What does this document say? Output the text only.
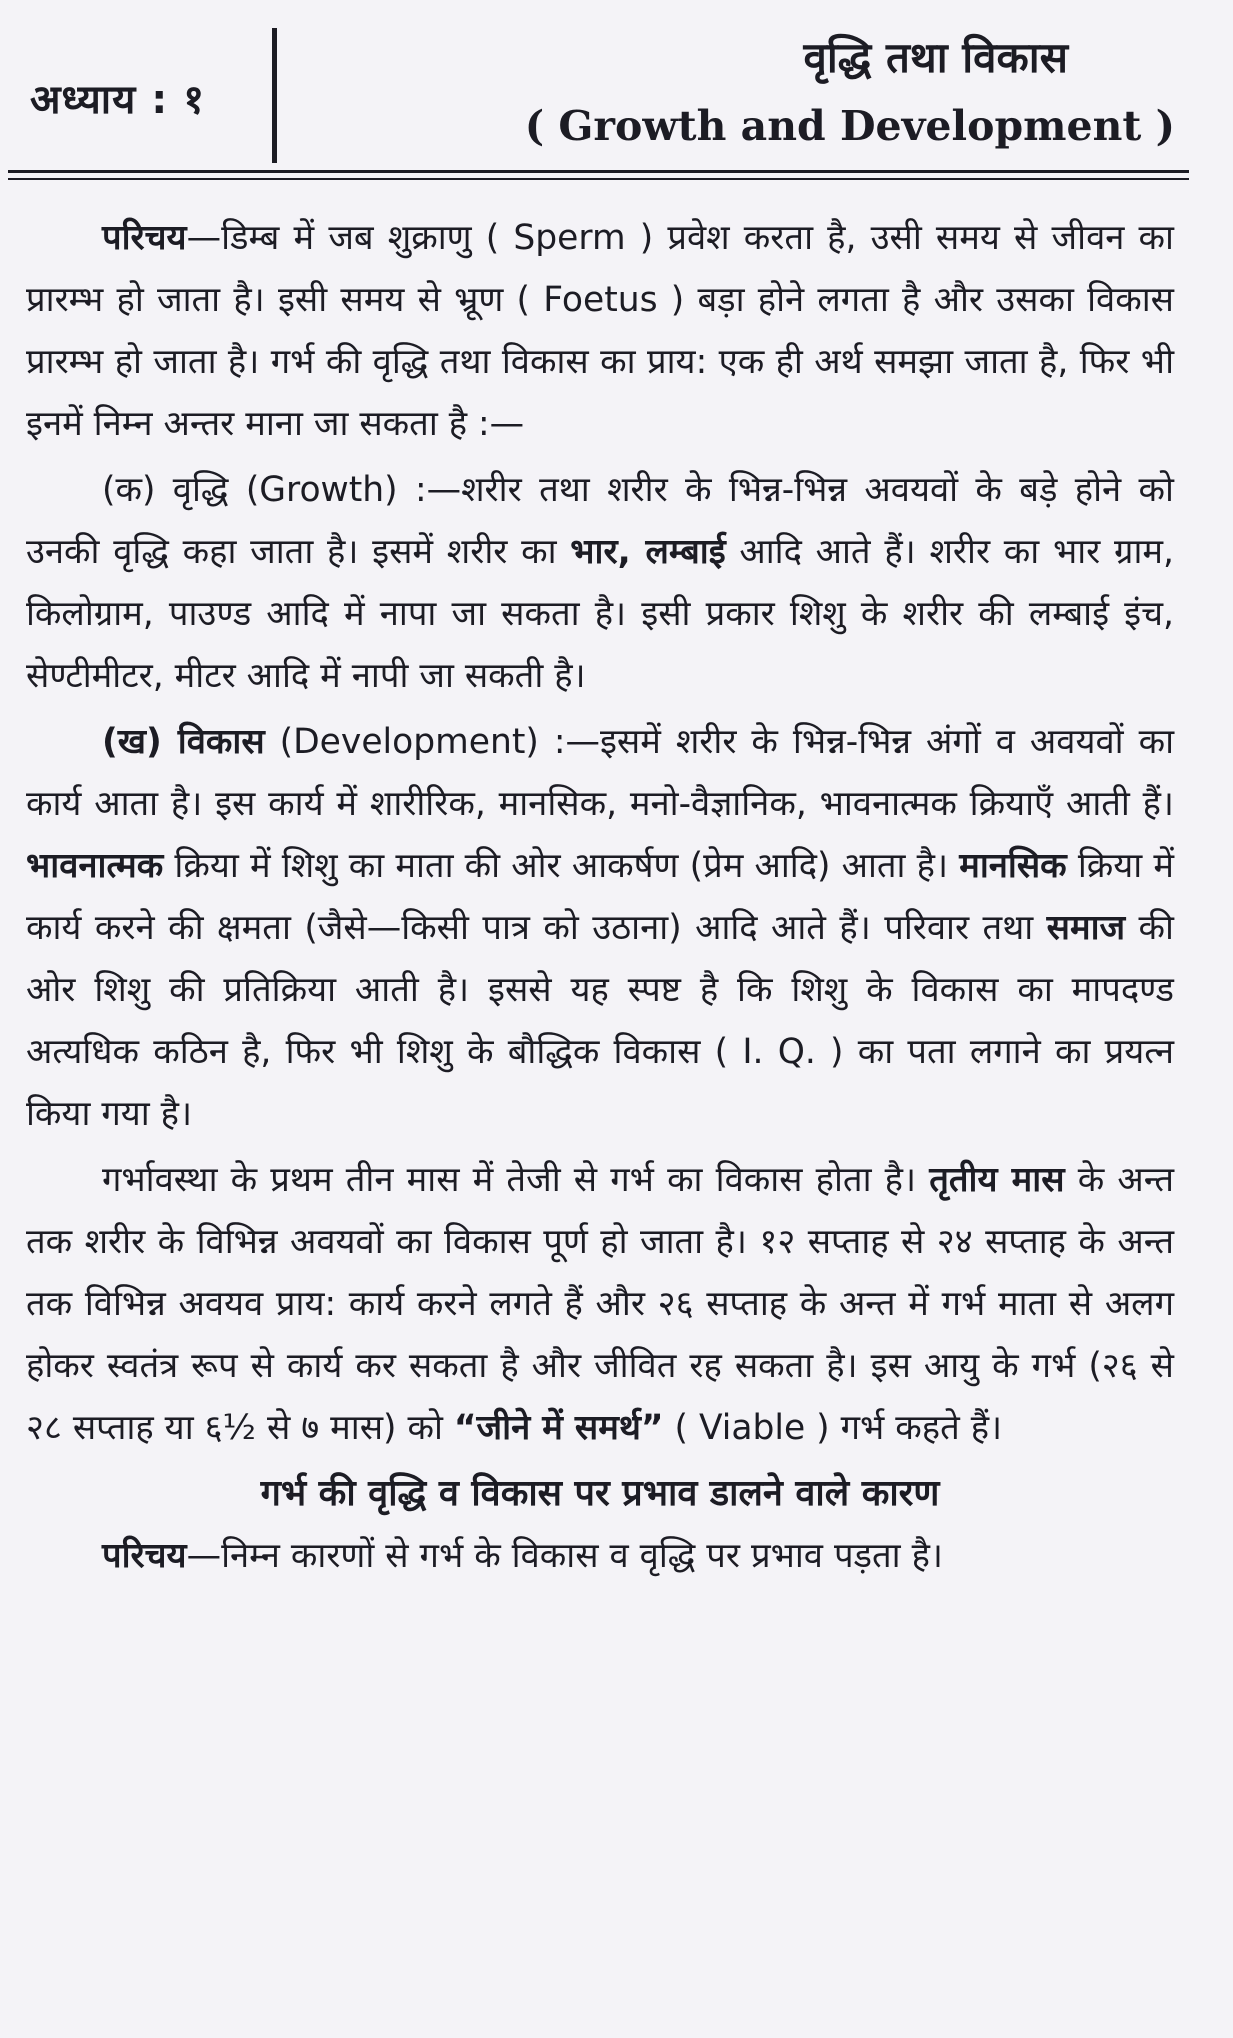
अध्याय : १
वृद्धि तथा विकास
( Growth and Development )

परिचय—डिम्ब में जब शुक्राणु ( Sperm ) प्रवेश करता है, उसी समय से जीवन का प्रारम्भ हो जाता है। इसी समय से भ्रूण ( Foetus ) बड़ा होने लगता है और उसका विकास प्रारम्भ हो जाता है। गर्भ की वृद्धि तथा विकास का प्राय: एक ही अर्थ समझा जाता है, फिर भी इनमें निम्न अन्तर माना जा सकता है :—

(क) वृद्धि (Growth) :—शरीर तथा शरीर के भिन्न-भिन्न अवयवों के बड़े होने को उनकी वृद्धि कहा जाता है। इसमें शरीर का भार, लम्बाई आदि आते हैं। शरीर का भार ग्राम, किलोग्राम, पाउण्ड आदि में नापा जा सकता है। इसी प्रकार शिशु के शरीर की लम्बाई इंच, सेण्टीमीटर, मीटर आदि में नापी जा सकती है।

(ख) विकास (Development) :—इसमें शरीर के भिन्न-भिन्न अंगों व अवयवों का कार्य आता है। इस कार्य में शारीरिक, मानसिक, मनो-वैज्ञानिक, भावनात्मक क्रियाएँ आती हैं। भावनात्मक क्रिया में शिशु का माता की ओर आकर्षण (प्रेम आदि) आता है। मानसिक क्रिया में कार्य करने की क्षमता (जैसे—किसी पात्र को उठाना) आदि आते हैं। परिवार तथा समाज की ओर शिशु की प्रतिक्रिया आती है। इससे यह स्पष्ट है कि शिशु के विकास का मापदण्ड अत्यधिक कठिन है, फिर भी शिशु के बौद्धिक विकास ( I. Q. ) का पता लगाने का प्रयत्न किया गया है।

गर्भावस्था के प्रथम तीन मास में तेजी से गर्भ का विकास होता है। तृतीय मास के अन्त तक शरीर के विभिन्न अवयवों का विकास पूर्ण हो जाता है। १२ सप्ताह से २४ सप्ताह के अन्त तक विभिन्न अवयव प्राय: कार्य करने लगते हैं और २६ सप्ताह के अन्त में गर्भ माता से अलग होकर स्वतंत्र रूप से कार्य कर सकता है और जीवित रह सकता है। इस आयु के गर्भ (२६ से २८ सप्ताह या ६½ से ७ मास) को “जीने में समर्थ” ( Viable ) गर्भ कहते हैं।

गर्भ की वृद्धि व विकास पर प्रभाव डालने वाले कारण

परिचय—निम्न कारणों से गर्भ के विकास व वृद्धि पर प्रभाव पड़ता है।
